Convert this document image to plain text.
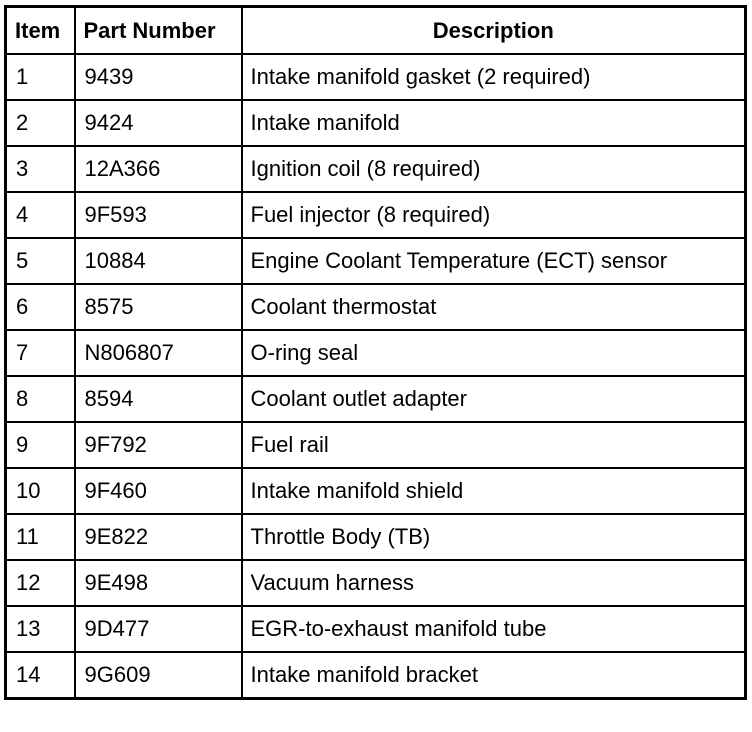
Item	Part Number	Description
1	9439	Intake manifold gasket (2 required)
2	9424	Intake manifold
3	12A366	Ignition coil (8 required)
4	9F593	Fuel injector (8 required)
5	10884	Engine Coolant Temperature (ECT) sensor
6	8575	Coolant thermostat
7	N806807	O-ring seal
8	8594	Coolant outlet adapter
9	9F792	Fuel rail
10	9F460	Intake manifold shield
11	9E822	Throttle Body (TB)
12	9E498	Vacuum harness
13	9D477	EGR-to-exhaust manifold tube
14	9G609	Intake manifold bracket
